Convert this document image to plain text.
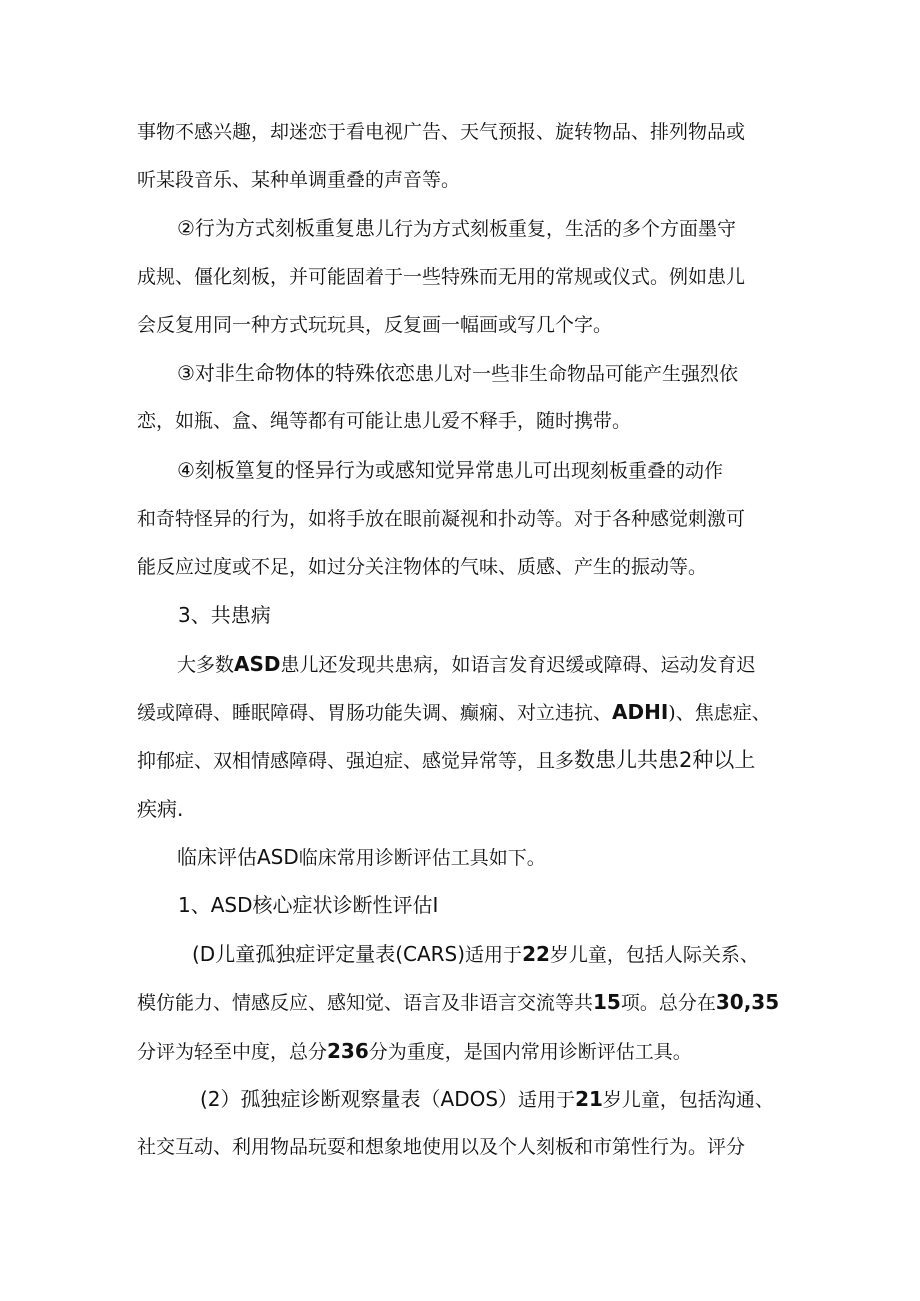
事物不感兴趣，却迷恋于看电视广告、天气预报、旋转物品、排列物品或
听某段音乐、某种单调重叠的声音等。
②行为方式刻板重复患儿行为方式刻板重复，生活的多个方面墨守
成规、僵化刻板，并可能固着于一些特殊而无用的常规或仪式。例如患儿
会反复用同一种方式玩玩具，反复画一幅画或写几个字。
③对非生命物体的特殊依恋患儿对一些非生命物品可能产生强烈依
恋，如瓶、盒、绳等都有可能让患儿爱不释手，随时携带。
④刻板篁复的怪异行为或感知觉异常患儿可出现刻板重叠的动作
和奇特怪异的行为，如将手放在眼前凝视和扑动等。对于各种感觉刺激可
能反应过度或不足，如过分关注物体的气味、质感、产生的振动等。
3、共患病
大多数ASD患儿还发现共患病，如语言发育迟缓或障碍、运动发育迟
缓或障碍、睡眠障碍、胃肠功能失调、癫痫、对立违抗、ADHI)、焦虑症、
抑郁症、双相情感障碍、强迫症、感觉异常等，且多数患儿共患2种以上
疾病.
临床评估ASD临床常用诊断评估工具如下。
1、ASD核心症状诊断性评估I
(D儿童孤独症评定量表(CARS)适用于22岁儿童，包括人际关系、
模仿能力、情感反应、感知觉、语言及非语言交流等共15项。总分在30,35
分评为轻至中度，总分236分为重度，是国内常用诊断评估工具。
(2）孤独症诊断观察量表（ADOS）适用于21岁儿童，包括沟通、
社交互动、利用物品玩耍和想象地使用以及个人刻板和市第性行为。评分
